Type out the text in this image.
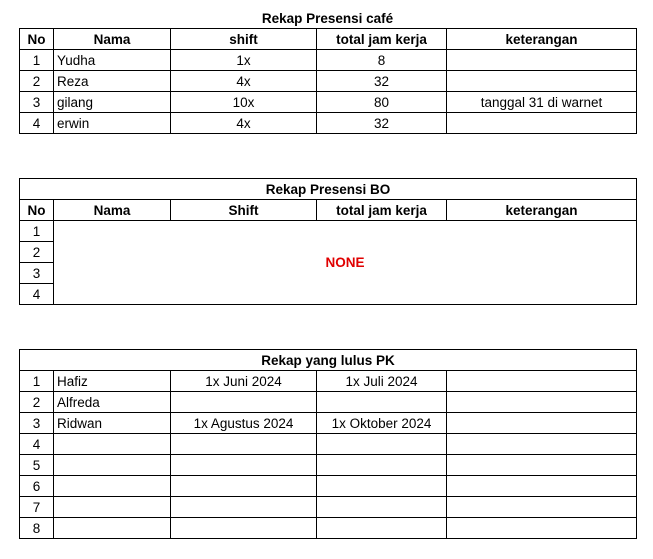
Rekap Presensi café
No	Nama	shift	total jam kerja	keterangan
1	Yudha	1x	8	
2	Reza	4x	32	
3	gilang	10x	80	tanggal 31 di warnet
4	erwin	4x	32	
Rekap Presensi BO				
No	Nama	Shift	total jam kerja	keterangan
1	NONE			
2				
3				
4				
Rekap yang lulus PK				
1	Hafiz	1x Juni 2024	1x Juli 2024	
2	Alfreda			
3	Ridwan	1x Agustus 2024	1x Oktober 2024	
4				
5				
6				
7				
8				
